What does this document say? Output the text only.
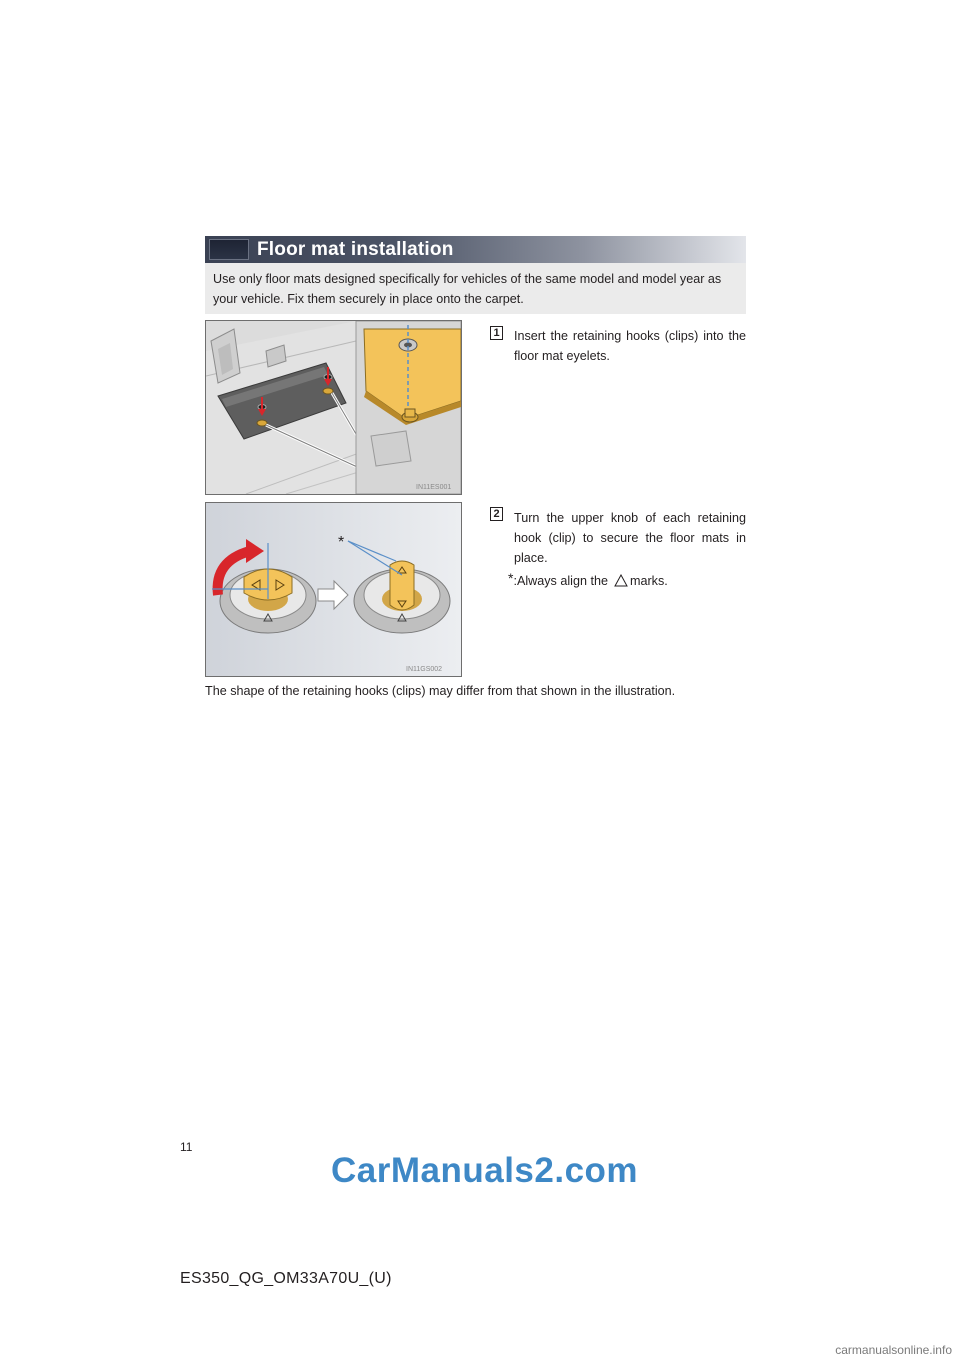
Floor mat installation
Use only floor mats designed specifically for vehicles of the same model and model year as your vehicle. Fix them securely in place onto the carpet.
IN11ES001
1 Insert the retaining hooks (clips) into the floor mat eyelets.
*
IN11GS002
2 Turn the upper knob of each retaining hook (clip) to secure the floor mats in place.
*:Always align the marks.
The shape of the retaining hooks (clips) may differ from that shown in the illustration.
11
CarManuals2.com
ES350_QG_OM33A70U_(U)
carmanualsonline.info
